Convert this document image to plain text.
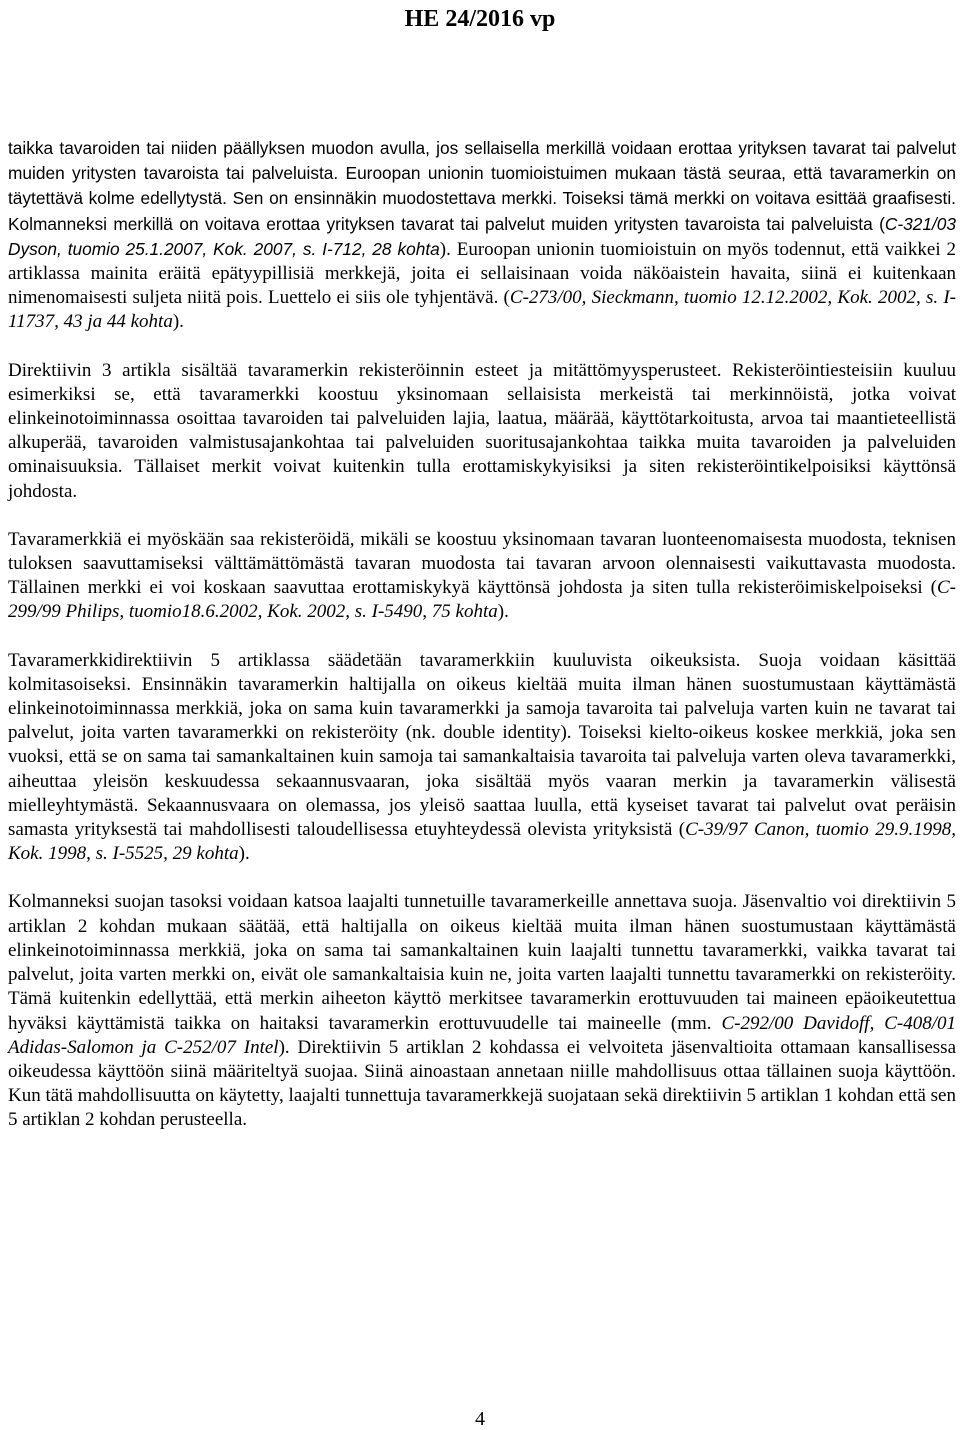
HE 24/2016 vp

taikka tavaroiden tai niiden päällyksen muodon avulla, jos sellaisella merkillä voidaan erottaa yrityksen tavarat tai palvelut muiden yritysten tavaroista tai palveluista. Euroopan unionin tuomioistuimen mukaan tästä seuraa, että tavaramerkin on täytettävä kolme edellytystä. Sen on ensinnäkin muodostettava merkki. Toiseksi tämä merkki on voitava esittää graafisesti. Kolmanneksi merkillä on voitava erottaa yrityksen tavarat tai palvelut muiden yritysten tavaroista tai palveluista (C-321/03 Dyson, tuomio 25.1.2007, Kok. 2007, s. I-712, 28 kohta). Euroopan unionin tuomioistuin on myös todennut, että vaikkei 2 artiklassa mainita eräitä epätyypillisiä merkkejä, joita ei sellaisinaan voida näköaistein havaita, siinä ei kuitenkaan nimenomaisesti suljeta niitä pois. Luettelo ei siis ole tyhjentävä. (C-273/00, Sieckmann, tuomio 12.12.2002, Kok. 2002, s. I-11737, 43 ja 44 kohta).

Direktiivin 3 artikla sisältää tavaramerkin rekisteröinnin esteet ja mitättömyysperusteet. Rekisteröintiesteisiin kuuluu esimerkiksi se, että tavaramerkki koostuu yksinomaan sellaisista merkeistä tai merkinnöistä, jotka voivat elinkeinotoiminnassa osoittaa tavaroiden tai palveluiden lajia, laatua, määrää, käyttötarkoitusta, arvoa tai maantieteellistä alkuperää, tavaroiden valmistusajankohtaa tai palveluiden suoritusajankohtaa taikka muita tavaroiden ja palveluiden ominaisuuksia. Tällaiset merkit voivat kuitenkin tulla erottamiskykyisiksi ja siten rekisteröintikelpoisiksi käyttönsä johdosta.

Tavaramerkkiä ei myöskään saa rekisteröidä, mikäli se koostuu yksinomaan tavaran luonteenomaisesta muodosta, teknisen tuloksen saavuttamiseksi välttämättömästä tavaran muodosta tai tavaran arvoon olennaisesti vaikuttavasta muodosta. Tällainen merkki ei voi koskaan saavuttaa erottamiskykyä käyttönsä johdosta ja siten tulla rekisteröimiskelpoiseksi (C-299/99 Philips, tuomio18.6.2002, Kok. 2002, s. I-5490, 75 kohta).

Tavaramerkkidirektiivin 5 artiklassa säädetään tavaramerkkiin kuuluvista oikeuksista. Suoja voidaan käsittää kolmitasoiseksi. Ensinnäkin tavaramerkin haltijalla on oikeus kieltää muita ilman hänen suostumustaan käyttämästä elinkeinotoiminnassa merkkiä, joka on sama kuin tavaramerkki ja samoja tavaroita tai palveluja varten kuin ne tavarat tai palvelut, joita varten tavaramerkki on rekisteröity (nk. double identity). Toiseksi kielto-oikeus koskee merkkiä, joka sen vuoksi, että se on sama tai samankaltainen kuin samoja tai samankaltaisia tavaroita tai palveluja varten oleva tavaramerkki, aiheuttaa yleisön keskuudessa sekaannusvaaran, joka sisältää myös vaaran merkin ja tavaramerkin välisestä mielleyhtymästä. Sekaannusvaara on olemassa, jos yleisö saattaa luulla, että kyseiset tavarat tai palvelut ovat peräisin samasta yrityksestä tai mahdollisesti taloudellisessa etuyhteydessä olevista yrityksistä (C-39/97 Canon, tuomio 29.9.1998, Kok. 1998, s. I-5525, 29 kohta).

Kolmanneksi suojan tasoksi voidaan katsoa laajalti tunnetuille tavaramerkeille annettava suoja. Jäsenvaltio voi direktiivin 5 artiklan 2 kohdan mukaan säätää, että haltijalla on oikeus kieltää muita ilman hänen suostumustaan käyttämästä elinkeinotoiminnassa merkkiä, joka on sama tai samankaltainen kuin laajalti tunnettu tavaramerkki, vaikka tavarat tai palvelut, joita varten merkki on, eivät ole samankaltaisia kuin ne, joita varten laajalti tunnettu tavaramerkki on rekisteröity. Tämä kuitenkin edellyttää, että merkin aiheeton käyttö merkitsee tavaramerkin erottuvuuden tai maineen epäoikeutettua hyväksi käyttämistä taikka on haitaksi tavaramerkin erottuvuudelle tai maineelle (mm. C-292/00 Davidoff, C-408/01 Adidas-Salomon ja C-252/07 Intel). Direktiivin 5 artiklan 2 kohdassa ei velvoiteta jäsenvaltioita ottamaan kansallisessa oikeudessa käyttöön siinä määriteltyä suojaa. Siinä ainoastaan annetaan niille mahdollisuus ottaa tällainen suoja käyttöön. Kun tätä mahdollisuutta on käytetty, laajalti tunnettuja tavaramerkkejä suojataan sekä direktiivin 5 artiklan 1 kohdan että sen 5 artiklan 2 kohdan perusteella.

4
